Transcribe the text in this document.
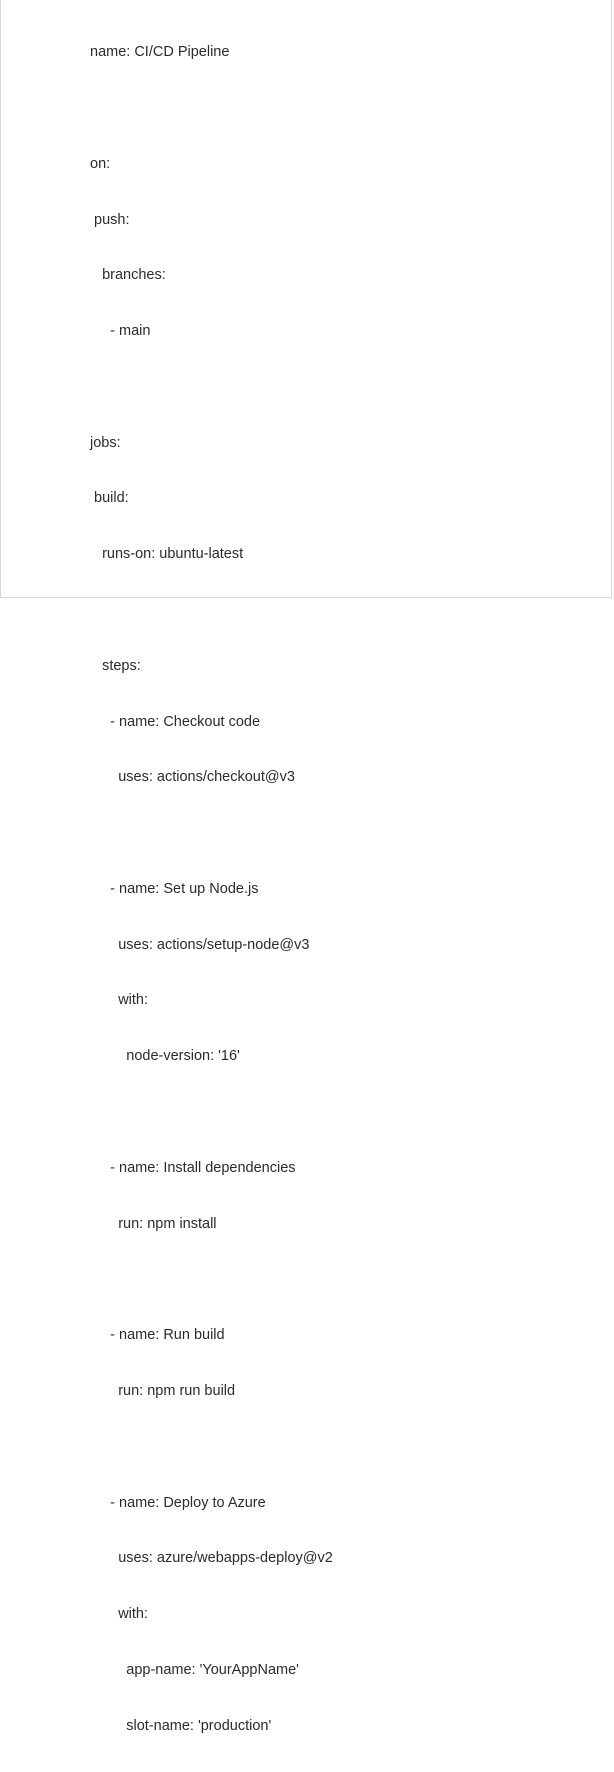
name: CI/CD Pipeline

on:

push:

branches:

- main

jobs:

build:

runs-on: ubuntu-latest

steps:

- name: Checkout code

uses: actions/checkout@v3

- name: Set up Node.js

uses: actions/setup-node@v3

with:

node-version: '16'

- name: Install dependencies

run: npm install

- name: Run build

run: npm run build

- name: Deploy to Azure

uses: azure/webapps-deploy@v2

with:

app-name: 'YourAppName'

slot-name: 'production'
